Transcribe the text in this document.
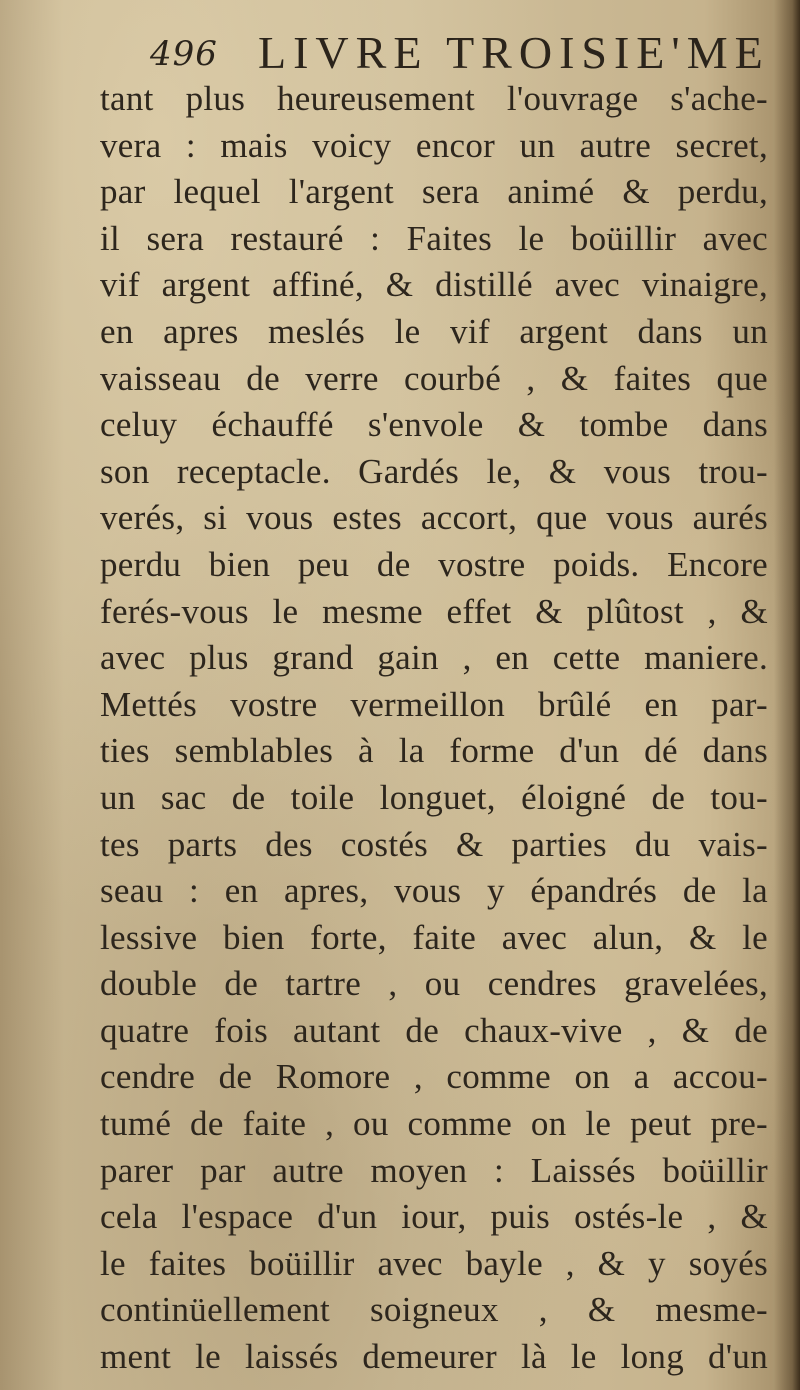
496 LIVRE TROISIE'ME
tant plus heureusement l'ouvrage s'ache-
vera : mais voicy encor un autre secret,
par lequel l'argent sera animé & perdu,
il sera restauré : Faites le boüillir avec
vif argent affiné, & distillé avec vinaigre,
en apres meslés le vif argent dans un
vaisseau de verre courbé , & faites que
celuy échauffé s'envole & tombe dans
son receptacle. Gardés le, & vous trou-
verés, si vous estes accort, que vous aurés
perdu bien peu de vostre poids. Encore
ferés-vous le mesme effet & plûtost , &
avec plus grand gain , en cette maniere.
Mettés vostre vermeillon brûlé en par-
ties semblables à la forme d'un dé dans
un sac de toile longuet, éloigné de tou-
tes parts des costés & parties du vais-
seau : en apres, vous y épandrés de la
lessive bien forte, faite avec alun, & le
double de tartre , ou cendres gravelées,
quatre fois autant de chaux-vive , & de
cendre de Romore , comme on a accou-
tumé de faite , ou comme on le peut pre-
parer par autre moyen : Laissés boüillir
cela l'espace d'un iour, puis ostés-le , &
le faites boüillir avec bayle , & y soyés
continüellement soigneux , & mesme-
ment le laissés demeurer là le long d'un
